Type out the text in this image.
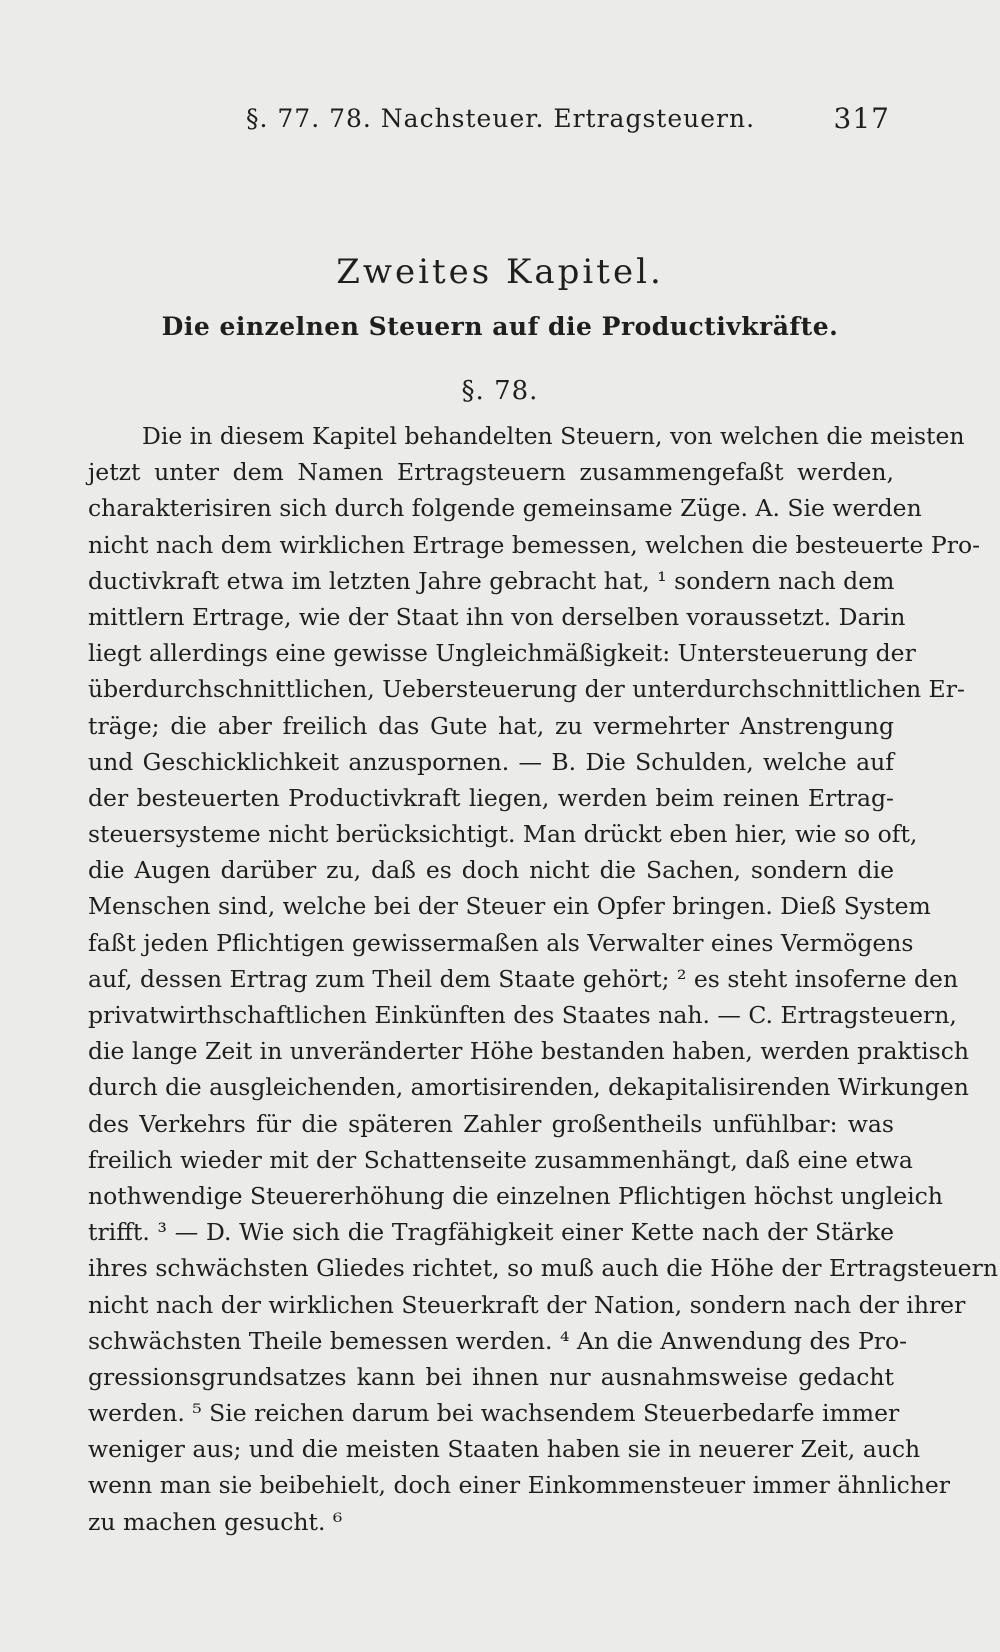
§. 77. 78. Nachsteuer. Ertragsteuern.	317
Zweites Kapitel.
Die einzelnen Steuern auf die Productivkräfte.
§. 78.
Die in diesem Kapitel behandelten Steuern, von welchen die meisten
jetzt unter dem Namen Ertragsteuern zusammengefaßt werden,
charakterisiren sich durch folgende gemeinsame Züge. A. Sie werden
nicht nach dem wirklichen Ertrage bemessen, welchen die besteuerte Pro-
ductivkraft etwa im letzten Jahre gebracht hat, ¹ sondern nach dem
mittlern Ertrage, wie der Staat ihn von derselben voraussetzt. Darin
liegt allerdings eine gewisse Ungleichmäßigkeit: Untersteuerung der
überdurchschnittlichen, Uebersteuerung der unterdurchschnittlichen Er-
träge; die aber freilich das Gute hat, zu vermehrter Anstrengung
und Geschicklichkeit anzuspornen. — B. Die Schulden, welche auf
der besteuerten Productivkraft liegen, werden beim reinen Ertrag-
steuersysteme nicht berücksichtigt. Man drückt eben hier, wie so oft,
die Augen darüber zu, daß es doch nicht die Sachen, sondern die
Menschen sind, welche bei der Steuer ein Opfer bringen. Dieß System
faßt jeden Pflichtigen gewissermaßen als Verwalter eines Vermögens
auf, dessen Ertrag zum Theil dem Staate gehört; ² es steht insoferne den
privatwirthschaftlichen Einkünften des Staates nah. — C. Ertragsteuern,
die lange Zeit in unveränderter Höhe bestanden haben, werden praktisch
durch die ausgleichenden, amortisirenden, dekapitalisirenden Wirkungen
des Verkehrs für die späteren Zahler großentheils unfühlbar: was
freilich wieder mit der Schattenseite zusammenhängt, daß eine etwa
nothwendige Steuererhöhung die einzelnen Pflichtigen höchst ungleich
trifft. ³ — D. Wie sich die Tragfähigkeit einer Kette nach der Stärke
ihres schwächsten Gliedes richtet, so muß auch die Höhe der Ertragsteuern
nicht nach der wirklichen Steuerkraft der Nation, sondern nach der ihrer
schwächsten Theile bemessen werden. ⁴ An die Anwendung des Pro-
gressionsgrundsatzes kann bei ihnen nur ausnahmsweise gedacht
werden. ⁵ Sie reichen darum bei wachsendem Steuerbedarfe immer
weniger aus; und die meisten Staaten haben sie in neuerer Zeit, auch
wenn man sie beibehielt, doch einer Einkommensteuer immer ähnlicher
zu machen gesucht. ⁶
